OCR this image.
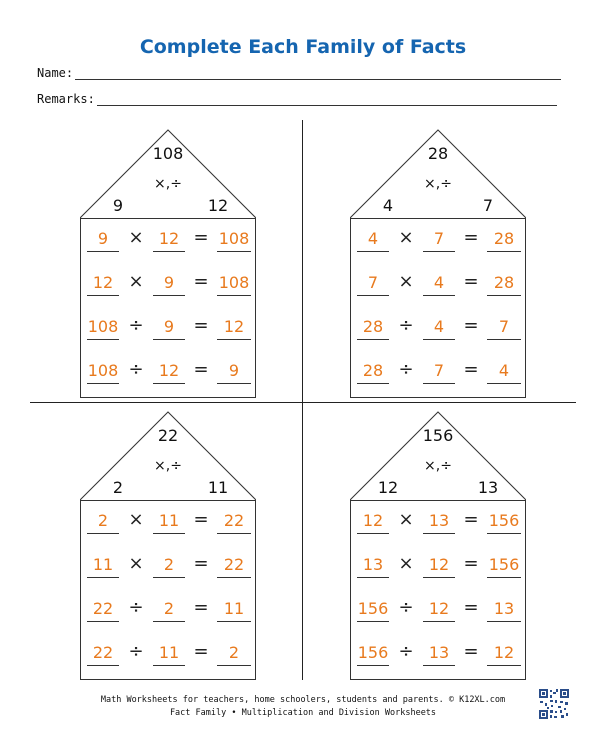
Complete Each Family of Facts
Name:
Remarks:
108
×,÷
9	12
9	× 12 = 108
12 ×	9	= 108
108 ÷	9	= 12
108 ÷ 12 =	9
28
×,÷
4	7
4	×	7	= 28
7	×	4	= 28
28 ÷	4	=	7
28 ÷	7	=	4
22
×,÷
2	11
2	× 11 = 22
11 ×	2	= 22
22 ÷	2	= 11
22 ÷ 11 =	2
156
×,÷
12	13
12 × 13 = 156
13 × 12 = 156
156 ÷ 12 = 13
156 ÷ 13 = 12
Math Worksheets for teachers, home schoolers, students and parents. © K12XL.com
Fact Family • Multiplication and Division Worksheets
